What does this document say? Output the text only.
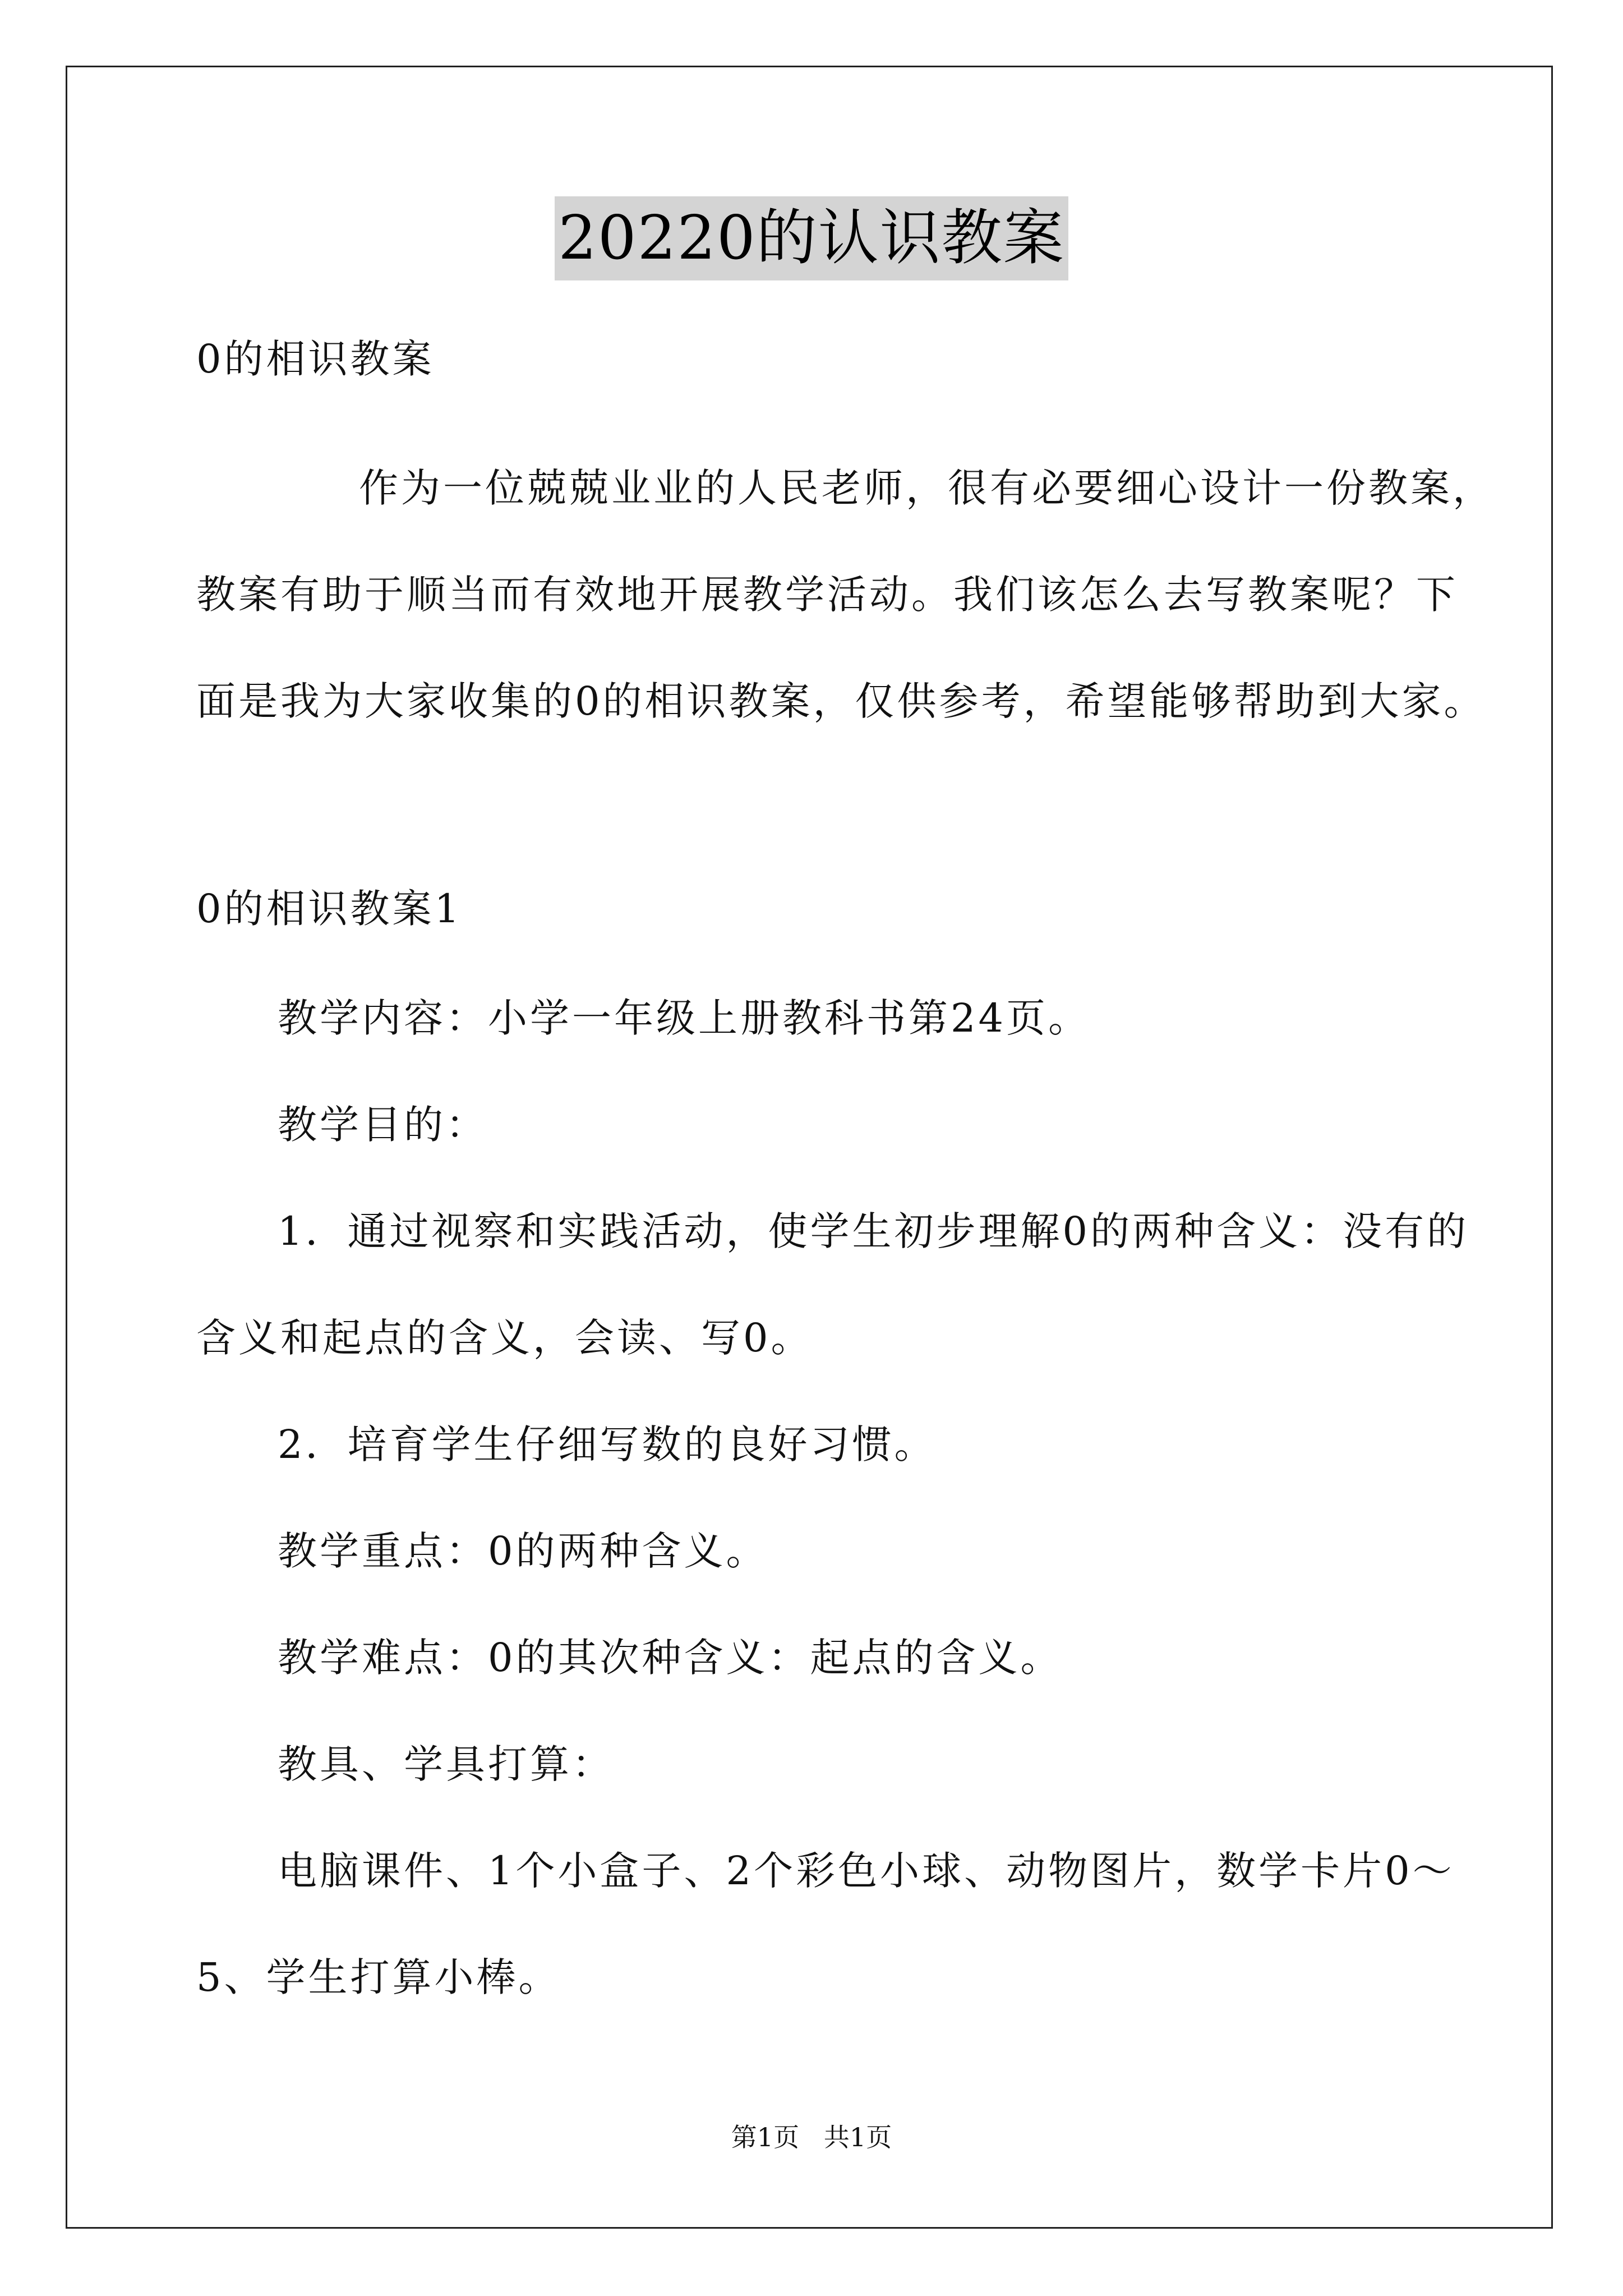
20220的认识教案
0的相识教案
作为一位兢兢业业的人民老师，很有必要细心设计一份教案，
教案有助于顺当而有效地开展教学活动。我们该怎么去写教案呢？下
面是我为大家收集的0的相识教案，仅供参考，希望能够帮助到大家。
0的相识教案1
教学内容：小学一年级上册教科书第24页。
教学目的：
1．通过视察和实践活动，使学生初步理解0的两种含义：没有的
含义和起点的含义，会读、写0。
2．培育学生仔细写数的良好习惯。
教学重点：0的两种含义。
教学难点：0的其次种含义：起点的含义。
教具、学具打算：
电脑课件、1个小盒子、2个彩色小球、动物图片，数学卡片0～
5、学生打算小棒。
第1页   共1页
